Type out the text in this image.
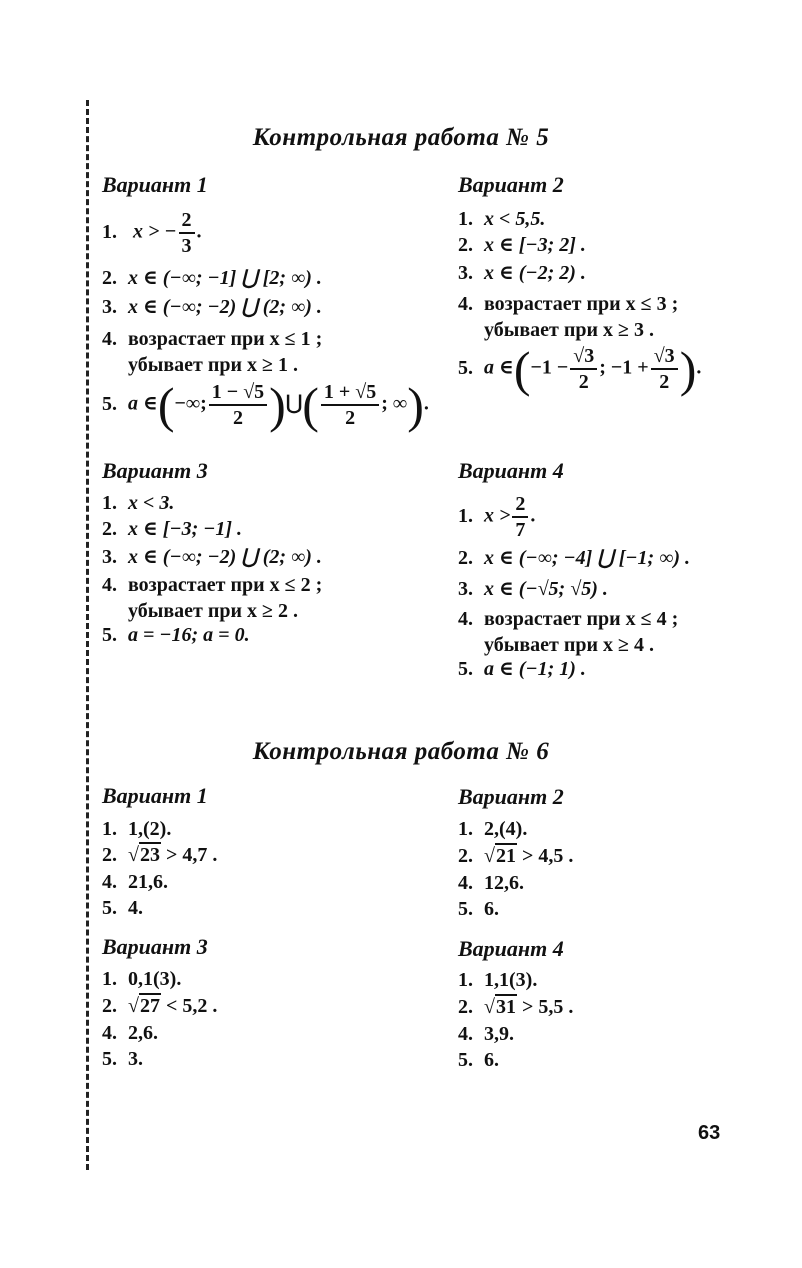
Контрольная работа № 5
Вариант 1
1. x > − $\frac{2}{3}$ .
2. x ∈ (−∞; −1] ⋃ [2; ∞) .
3. x ∈ (−∞; −2) ⋃ (2; ∞) .
4. возрастает при x ≤ 1 ;
убывает при x ≥ 1 .
5. a ∈(−∞; $\frac{1 - √5}{2}$ )⋃( $\frac{1 + √5}{2}$ ; ∞).
Вариант 2
1. x < 5,5.
2. x ∈ [−3; 2] .
3. x ∈ (−2; 2) .
4. возрастает при x ≤ 3 ;
убывает при x ≥ 3 .
5. a ∈(−1 − $\frac{√3}{2}$ ; $-1 + \frac{√3}{2}$ ).
Вариант 3
1. x < 3.
2. x ∈ [−3; −1] .
3. x ∈ (−∞; −2) ⋃ (2; ∞) .
4. возрастает при x ≤ 2 ;
убывает при x ≥ 2 .
5. a = −16; a = 0.
Вариант 4
1. $x > \frac{2}{7}$ .
2. x ∈ (−∞; −4] ⋃ [−1; ∞) .
3. x ∈ (−√5; √5) .
4. возрастает при x ≤ 4 ;
убывает при x ≥ 4 .
5. a ∈ (−1; 1) .
Контрольная работа № 6
Вариант 1
1. 1,(2).
2. √23 > 4,7 .
4. 21,6.
5. 4.
Вариант 2
1. 2,(4).
2. √21 > 4,5 .
4. 12,6.
5. 6.
Вариант 3
1. 0,1(3).
2. √27 < 5,2 .
4. 2,6.
5. 3.
Вариант 4
1. 1,1(3).
2. √31 > 5,5 .
4. 3,9.
5. 6.
63
